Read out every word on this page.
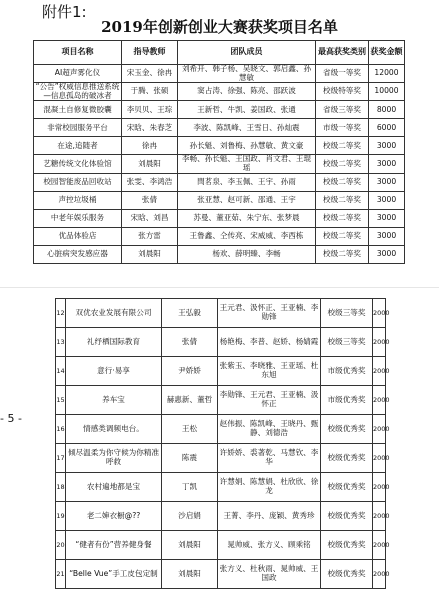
附件1:
2019年创新创业大赛获奖项目名单
项目名称	指导教师	团队成员	最高获奖类别	获奖金额
AI超声雾化仪	宋玉金、徐冉	刘希开、韩子杨、吴晓文、郭启鑫、孙慧敏	省级一等奖	12000
“公告”权威信息推送系统—信息孤岛的破冰者	于腾、张硕	窦占涛、徐强、陈亮、邵跃波	校级特等奖	10000
混凝土自修复微胶囊	李贝贝、王琮	王新哲、牛凯、姜国政、张通	省级三等奖	8000
非常校园服务平台	宋晗、朱春芝	李波、陈凯峰、王雪日、孙灿震	市级一等奖	6000
在途,追随者	徐冉	孙长魁、刘鲁梅、孙慧敏、黄文豪	校级二等奖	3000
艺糖传统文化体验馆	刘晨阳	李畅、孙长魁、王国政、肖文君、王琨瑶	校级二等奖	3000
校园智能废品回收站	张雯、李鸿浩	閆茗泉、李玉佩、王宇、孙雨	校级二等奖	3000
声控垃圾桶	张倩	张亚慧、赵可新、邵通、王宇	校级二等奖	3000
中老年娱乐服务	宋晗、刘昌	苏曼、董亚茹、朱宁东、张梦晨	校级二等奖	3000
优品体验店	张方雷	王鲁鑫、仝传亮、宋威威、李西栋	校级二等奖	3000
心脏病突发感应器	刘晨阳	杨欢、薛明臻、李畅	校级二等奖	3000
- 5 -
12	双优农业发展有限公司	王弘毅	王元君、汲怀正、王亚楠、李勋锋	校级三等奖	2000
13	礼纾栖国际教育	张倩	杨艳梅、李普、赵娇、杨婧霞	校级三等奖	2000
14	意行·易享	尹娇娇	张紫玉、李晓雅、王亚瑶、杜东旭	市级优秀奖	2000
15	养车宝	赫惠新、董哲	李勋锋、王元君、王亚楠、汲怀正	市级优秀奖	2000
16	情感类调频电台。	王松	赵伟振、陈凯峰、王晓丹、甄静、刘德浩	校级优秀奖	2000
17	倾尽温柔为你守候为你精准呼救	陈震	许娇娇、裘著乾、马慧钦、李华	校级优秀奖	2000
18	农村遍地都是宝	丁凯	许慧娟、陈慧娟、杜欣欣、徐龙	校级优秀奖	2000
19	老二婶衣橱@??	沙启娟	王菁、李丹、庞颖、黄秀珍	校级优秀奖	2000
20	“健者有份”营养健身餐	刘晨阳	晁帅威、张方义、顾乘铭	校级优秀奖	2000
21	“Belle Vue”手工皮包定制	刘晨阳	张方义、杜秋雨、晁帅威、王国政	校级优秀奖	2000
